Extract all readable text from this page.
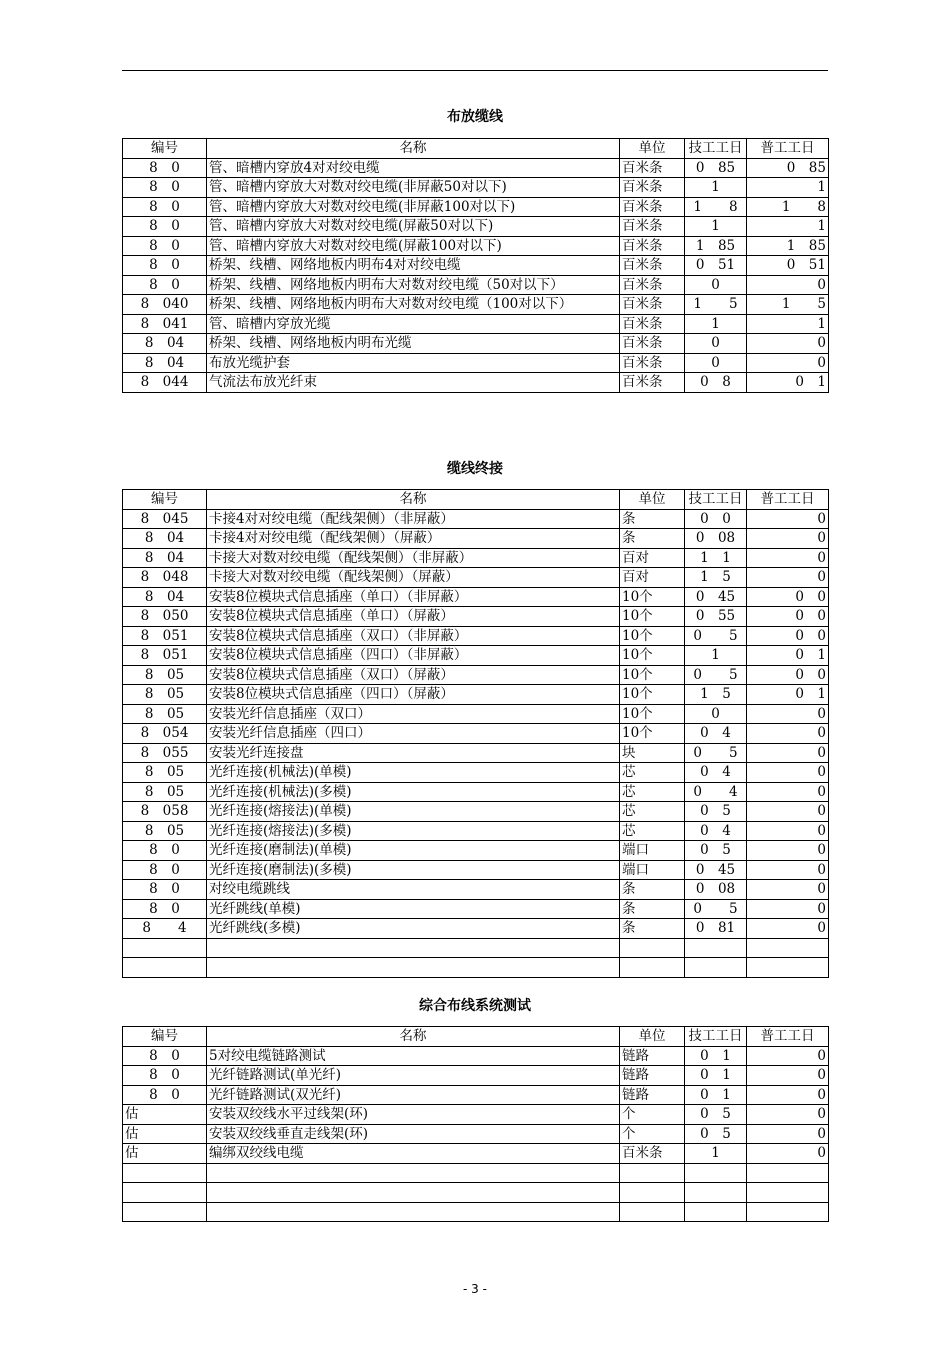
布放缆线
编号	名称	单位	技工工日	普工工日
8　0	管、暗槽内穿放4对对绞电缆	百米条	0　85	0　85
8　0	管、暗槽内穿放大对数对绞电缆(非屏蔽50对以下)	百米条	1	1
8　0	管、暗槽内穿放大对数对绞电缆(非屏蔽100对以下)	百米条	1　　8	1　　8
8　0	管、暗槽内穿放大对数对绞电缆(屏蔽50对以下)	百米条	1	1
8　0	管、暗槽内穿放大对数对绞电缆(屏蔽100对以下)	百米条	1　85	1　85
8　0	桥架、线槽、网络地板内明布4对对绞电缆	百米条	0　51	0　51
8　0	桥架、线槽、网络地板内明布大对数对绞电缆（50对以下）	百米条	0	0
8　040	桥架、线槽、网络地板内明布大对数对绞电缆（100对以下）	百米条	1　　5	1　　5
8　041	管、暗槽内穿放光缆	百米条	1	1
8　04	桥架、线槽、网络地板内明布光缆	百米条	0	0
8　04	布放光缆护套	百米条	0	0
8　044	气流法布放光纤束	百米条	0　8	0　1
缆线终接
编号	名称	单位	技工工日	普工工日
8　045	卡接4对对绞电缆（配线架侧）（非屏蔽）	条	0　0	0
8　04	卡接4对对绞电缆（配线架侧）（屏蔽）	条	0　08	0
8　04	卡接大对数对绞电缆（配线架侧）（非屏蔽）	百对	1　1	0
8　048	卡接大对数对绞电缆（配线架侧）（屏蔽）	百对	1　5	0
8　04	安装8位模块式信息插座（单口）（非屏蔽）	10个	0　45	0　0
8　050	安装8位模块式信息插座（单口）（屏蔽）	10个	0　55	0　0
8　051	安装8位模块式信息插座（双口）（非屏蔽）	10个	0　　5	0　0
8　051	安装8位模块式信息插座（四口）（非屏蔽）	10个	1	0　1
8　05	安装8位模块式信息插座（双口）（屏蔽）	10个	0　　5	0　0
8　05	安装8位模块式信息插座（四口）（屏蔽）	10个	1　5	0　1
8　05	安装光纤信息插座（双口）	10个	0	0
8　054	安装光纤信息插座（四口）	10个	0　4	0
8　055	安装光纤连接盘	块	0　　5	0
8　05	光纤连接(机械法)(单模)	芯	0　4	0
8　05	光纤连接(机械法)(多模)	芯	0　　4	0
8　058	光纤连接(熔接法)(单模)	芯	0　5	0
8　05	光纤连接(熔接法)(多模)	芯	0　4	0
8　0	光纤连接(磨制法)(单模)	端口	0　5	0
8　0	光纤连接(磨制法)(多模)	端口	0　45	0
8　0	对绞电缆跳线	条	0　08	0
8　0	光纤跳线(单模)	条	0　　5	0
8　　4	光纤跳线(多模)	条	0　81	0

综合布线系统测试
编号	名称	单位	技工工日	普工工日
8　0	5对绞电缆链路测试	链路	0　1	0
8　0	光纤链路测试(单光纤)	链路	0　1	0
8　0	光纤链路测试(双光纤)	链路	0　1	0
估	安装双绞线水平过线架(环)	个	0　5	0
估	安装双绞线垂直走线架(环)	个	0　5	0
估	编绑双绞线电缆	百米条	1	0

- 3 -
